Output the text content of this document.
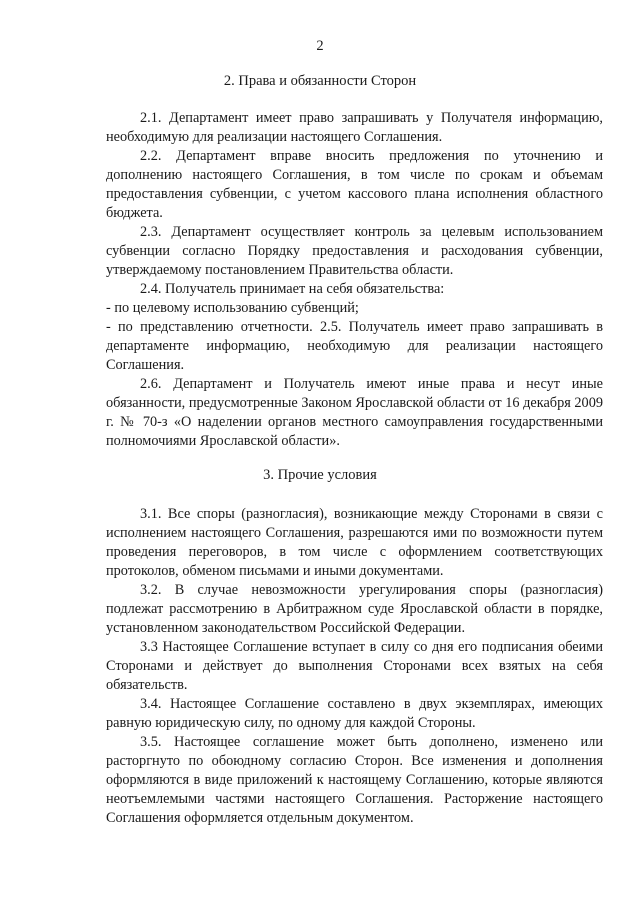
2
2. Права и обязанности Сторон

2.1. Департамент имеет право запрашивать у Получателя информацию, необходимую для реализации настоящего Соглашения.

2.2. Департамент вправе вносить предложения по уточнению и дополнению настоящего Соглашения, в том числе по срокам и объемам предоставления субвенции, с учетом кассового плана исполнения областного бюджета.

2.3. Департамент осуществляет контроль за целевым использованием субвенции согласно Порядку предоставления и расходования субвенции, утверждаемому постановлением Правительства области.

2.4. Получатель принимает на себя обязательства:

- по целевому использованию субвенций;

- по представлению отчетности. 2.5. Получатель имеет право запрашивать в департаменте информацию, необходимую для реализации настоящего Соглашения.

2.6. Департамент и Получатель имеют иные права и несут иные обязанности, предусмотренные Законом Ярославской области от 16 декабря 2009 г. № 70-з «О наделении органов местного самоуправления государственными полномочиями Ярославской области».

3. Прочие условия

3.1. Все споры (разногласия), возникающие между Сторонами в связи с исполнением настоящего Соглашения, разрешаются ими по возможности путем проведения переговоров, в том числе с оформлением соответствующих протоколов, обменом письмами и иными документами.

3.2. В случае невозможности урегулирования споры (разногласия) подлежат рассмотрению в Арбитражном суде Ярославской области в порядке, установленном законодательством Российской Федерации.

3.3 Настоящее Соглашение вступает в силу со дня его подписания обеими Сторонами и действует до выполнения Сторонами всех взятых на себя обязательств.

3.4. Настоящее Соглашение составлено в двух экземплярах, имеющих равную юридическую силу, по одному для каждой Стороны.

3.5. Настоящее соглашение может быть дополнено, изменено или расторгнуто по обоюдному согласию Сторон. Все изменения и дополнения оформляются в виде приложений к настоящему Соглашению, которые являются неотъемлемыми частями настоящего Соглашения. Расторжение настоящего Соглашения оформляется отдельным документом.
